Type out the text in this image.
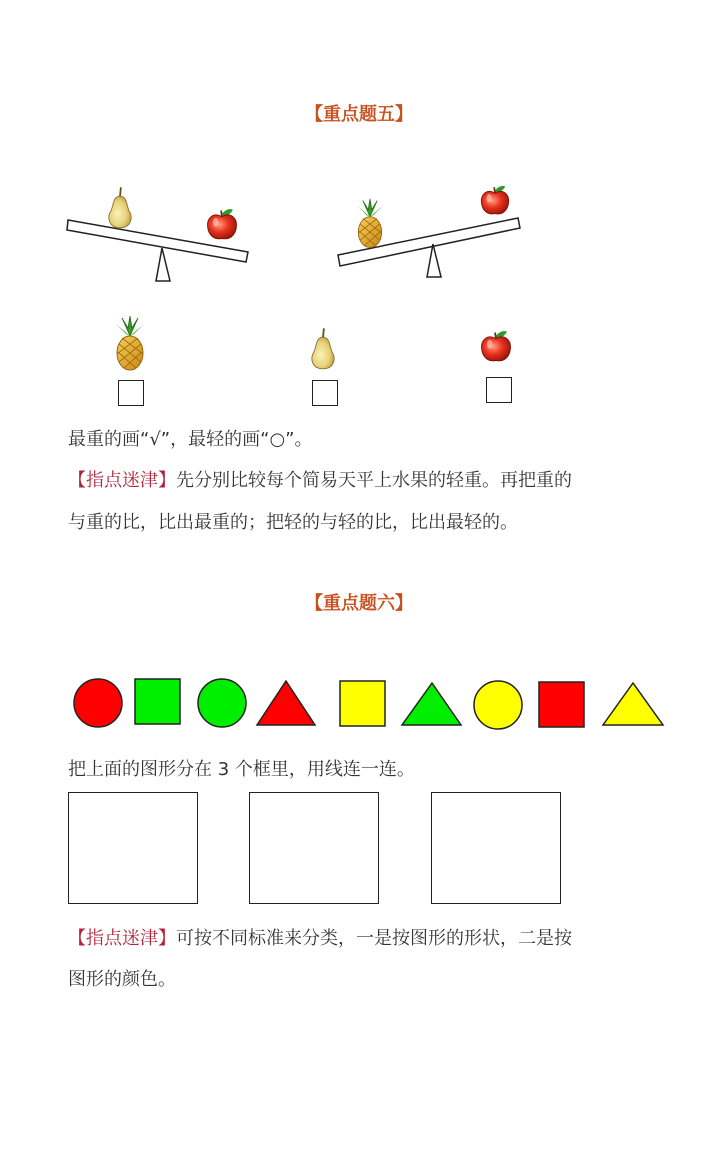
【重点题五】
最重的画“√”，最轻的画“○”。
【指点迷津】先分别比较每个简易天平上水果的轻重。再把重的
与重的比，比出最重的；把轻的与轻的比，比出最轻的。
【重点题六】
把上面的图形分在 3 个框里，用线连一连。
【指点迷津】可按不同标准来分类，一是按图形的形状，二是按
图形的颜色。
